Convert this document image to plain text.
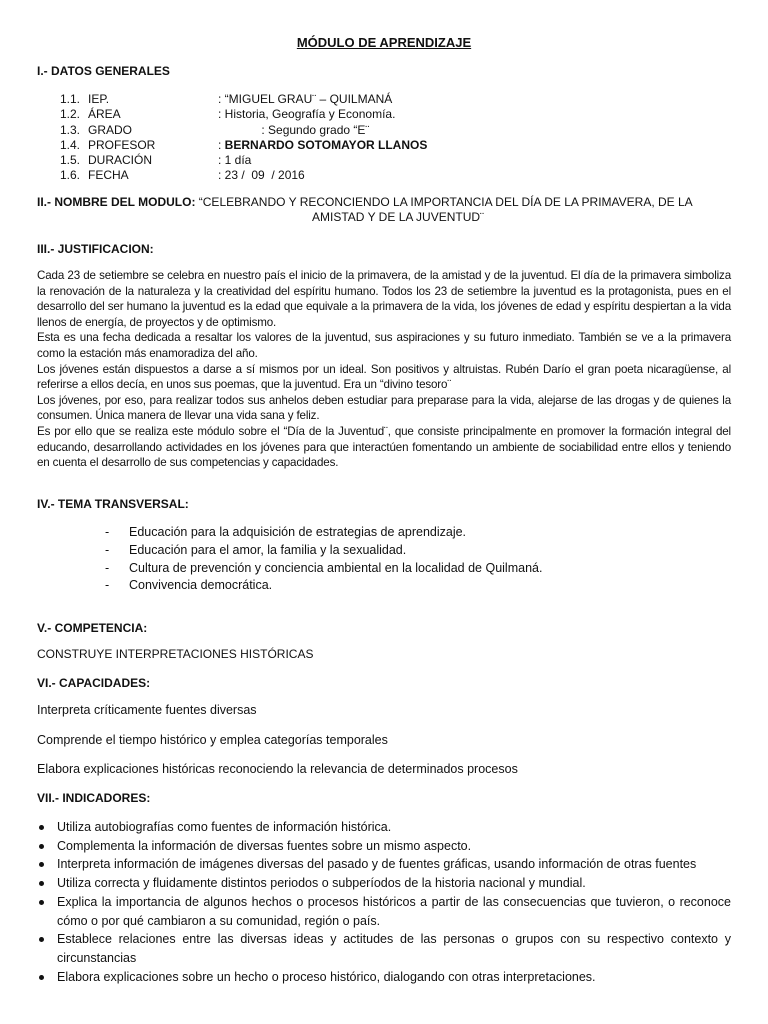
MÓDULO DE APRENDIZAJE
I.- DATOS GENERALES
1.1. IEP.	: “MIGUEL GRAU¨ – QUILMANÁ
1.2. ÁREA	: Historia, Geografía y Economía.
1.3. GRADO	: Segundo grado “E¨
1.4. PROFESOR	: BERNARDO SOTOMAYOR LLANOS
1.5. DURACIÓN	: 1 día
1.6. FECHA	: 23 /  09  / 2016
II.- NOMBRE DEL MODULO: “CELEBRANDO Y RECONCIENDO LA IMPORTANCIA DEL DÍA DE LA PRIMAVERA, DE LA
AMISTAD Y DE LA JUVENTUD¨
III.- JUSTIFICACION:

Cada 23 de setiembre se celebra en nuestro país el inicio de la primavera, de la amistad y de la juventud. El día de la primavera simboliza la renovación de la naturaleza y la creatividad del espíritu humano. Todos los 23 de setiembre la juventud es la protagonista, pues en el desarrollo del ser humano la juventud es la edad que equivale a la primavera de la vida, los jóvenes de edad y espíritu despiertan a la vida llenos de energía, de proyectos y de optimismo.

Esta es una fecha dedicada a resaltar los valores de la juventud, sus aspiraciones y su futuro inmediato. También se ve a la primavera como la estación más enamoradiza del año.

Los jóvenes están dispuestos a darse a sí mismos por un ideal. Son positivos y altruistas. Rubén Darío el gran poeta nicaragüense, al referirse a ellos decía, en unos sus poemas, que la juventud. Era un “divino tesoro¨

Los jóvenes, por eso, para realizar todos sus anhelos deben estudiar para preparase para la vida, alejarse de las drogas y de quienes la consumen. Única manera de llevar una vida sana y feliz.

Es por ello que se realiza este módulo sobre el “Día de la Juventud¨, que consiste principalmente en promover la formación integral del educando, desarrollando actividades en los jóvenes para que interactúen fomentando un ambiente de sociabilidad entre ellos y teniendo en cuenta el desarrollo de sus competencias y capacidades.

IV.- TEMA TRANSVERSAL:
- Educación para la adquisición de estrategias de aprendizaje.
- Educación para el amor, la familia y la sexualidad.
- Cultura de prevención y conciencia ambiental en la localidad de Quilmaná.
- Convivencia democrática.
V.- COMPETENCIA:
CONSTRUYE INTERPRETACIONES HISTÓRICAS
VI.- CAPACIDADES:
Interpreta críticamente fuentes diversas
Comprende el tiempo histórico y emplea categorías temporales
Elabora explicaciones históricas reconociendo la relevancia de determinados procesos
VII.- INDICADORES:
Utiliza autobiografías como fuentes de información histórica.
Complementa la información de diversas fuentes sobre un mismo aspecto.
Interpreta información de imágenes diversas del pasado y de fuentes gráficas, usando información de otras fuentes
Utiliza correcta y fluidamente distintos periodos o subperíodos de la historia nacional y mundial.
Explica la importancia de algunos hechos o procesos históricos a partir de las consecuencias que tuvieron, o reconoce cómo o por qué cambiaron a su comunidad, región o país.
Establece relaciones entre las diversas ideas y actitudes de las personas o grupos con su respectivo contexto y circunstancias
Elabora explicaciones sobre un hecho o proceso histórico, dialogando con otras interpretaciones.
